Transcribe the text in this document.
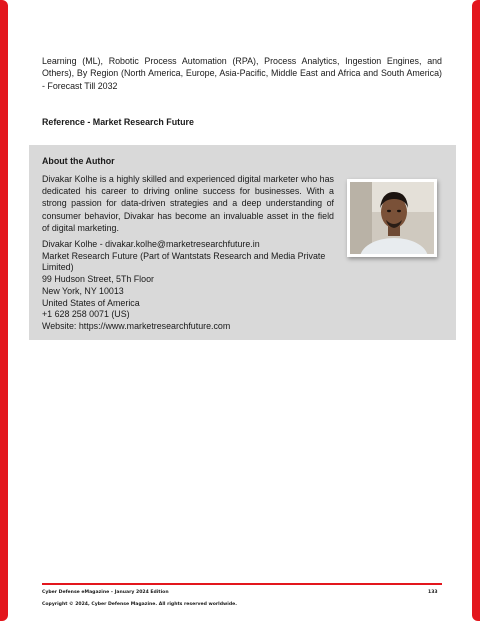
Learning (ML), Robotic Process Automation (RPA), Process Analytics, Ingestion Engines, and Others), By Region (North America, Europe, Asia-Pacific, Middle East and Africa and South America) - Forecast Till 2032
Reference - Market Research Future
About the Author
Divakar Kolhe is a highly skilled and experienced digital marketer who has dedicated his career to driving online success for businesses. With a strong passion for data-driven strategies and a deep understanding of consumer behavior, Divakar has become an invaluable asset in the field of digital marketing.
Divakar Kolhe - divakar.kolhe@marketresearchfuture.in
Market Research Future (Part of Wantstats Research and Media Private
Limited)
99 Hudson Street, 5Th Floor
New York, NY 10013
United States of America
+1 628 258 0071 (US)
Website: https://www.marketresearchfuture.com
Cyber Defense eMagazine – January 2024 Edition	133
Copyright © 2024, Cyber Defense Magazine. All rights reserved worldwide.
